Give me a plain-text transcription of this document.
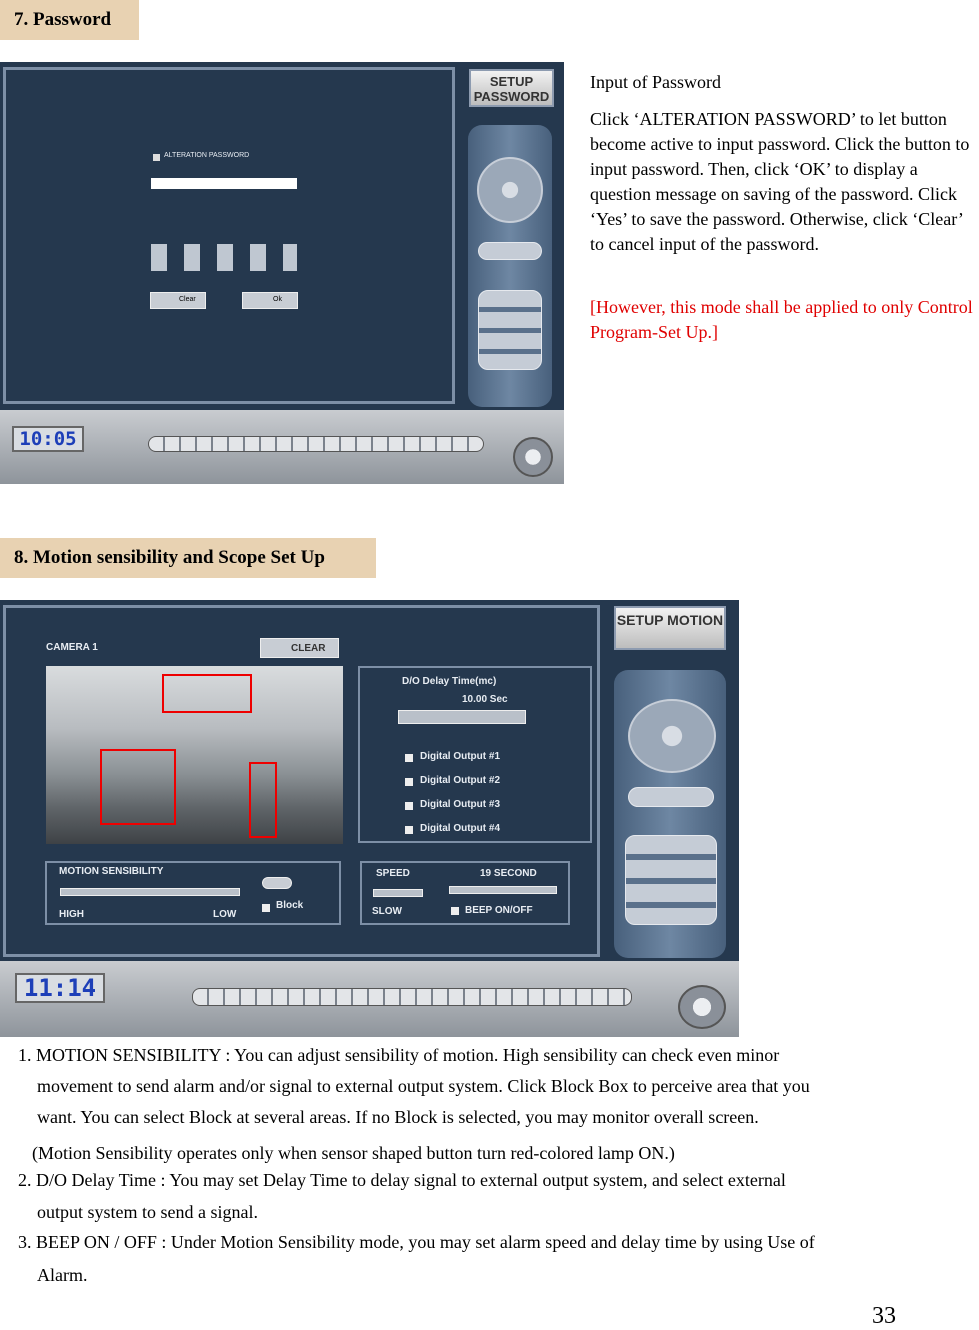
7. Password
ALTERATION PASSWORD
Clear	Ok
SETUP PASSWORD
10:05
Input of Password
Click ‘ALTERATION PASSWORD’ to let button become active to input password. Click the button to input password. Then, click ‘OK’ to display a question message on saving of the password. Click ‘Yes’ to save the password. Otherwise, click ‘Clear’ to cancel input of the password.
[However, this mode shall be applied to only Control Program-Set Up.]
8. Motion sensibility and Scope Set Up
CAMERA 1	CLEAR
D/O Delay Time(mc)
10.00 Sec
Digital Output #1
Digital Output #2
Digital Output #3
Digital Output #4
MOTION SENSIBILITY
HIGH	LOW
Block
SPEED	19 SECOND
SLOW	BEEP ON/OFF
SETUP MOTION
11:14
1. MOTION SENSIBILITY : You can adjust sensibility of motion. High sensibility can check even minor
movement to send alarm and/or signal to external output system. Click Block Box to perceive area that you
want. You can select Block at several areas. If no Block is selected, you may monitor overall screen.
(Motion Sensibility operates only when sensor shaped button turn red-colored lamp ON.)
2. D/O Delay Time : You may set Delay Time to delay signal to external output system, and select external
output system to send a signal.
3. BEEP ON / OFF : Under Motion Sensibility mode, you may set alarm speed and delay time by using Use of
Alarm.
33
